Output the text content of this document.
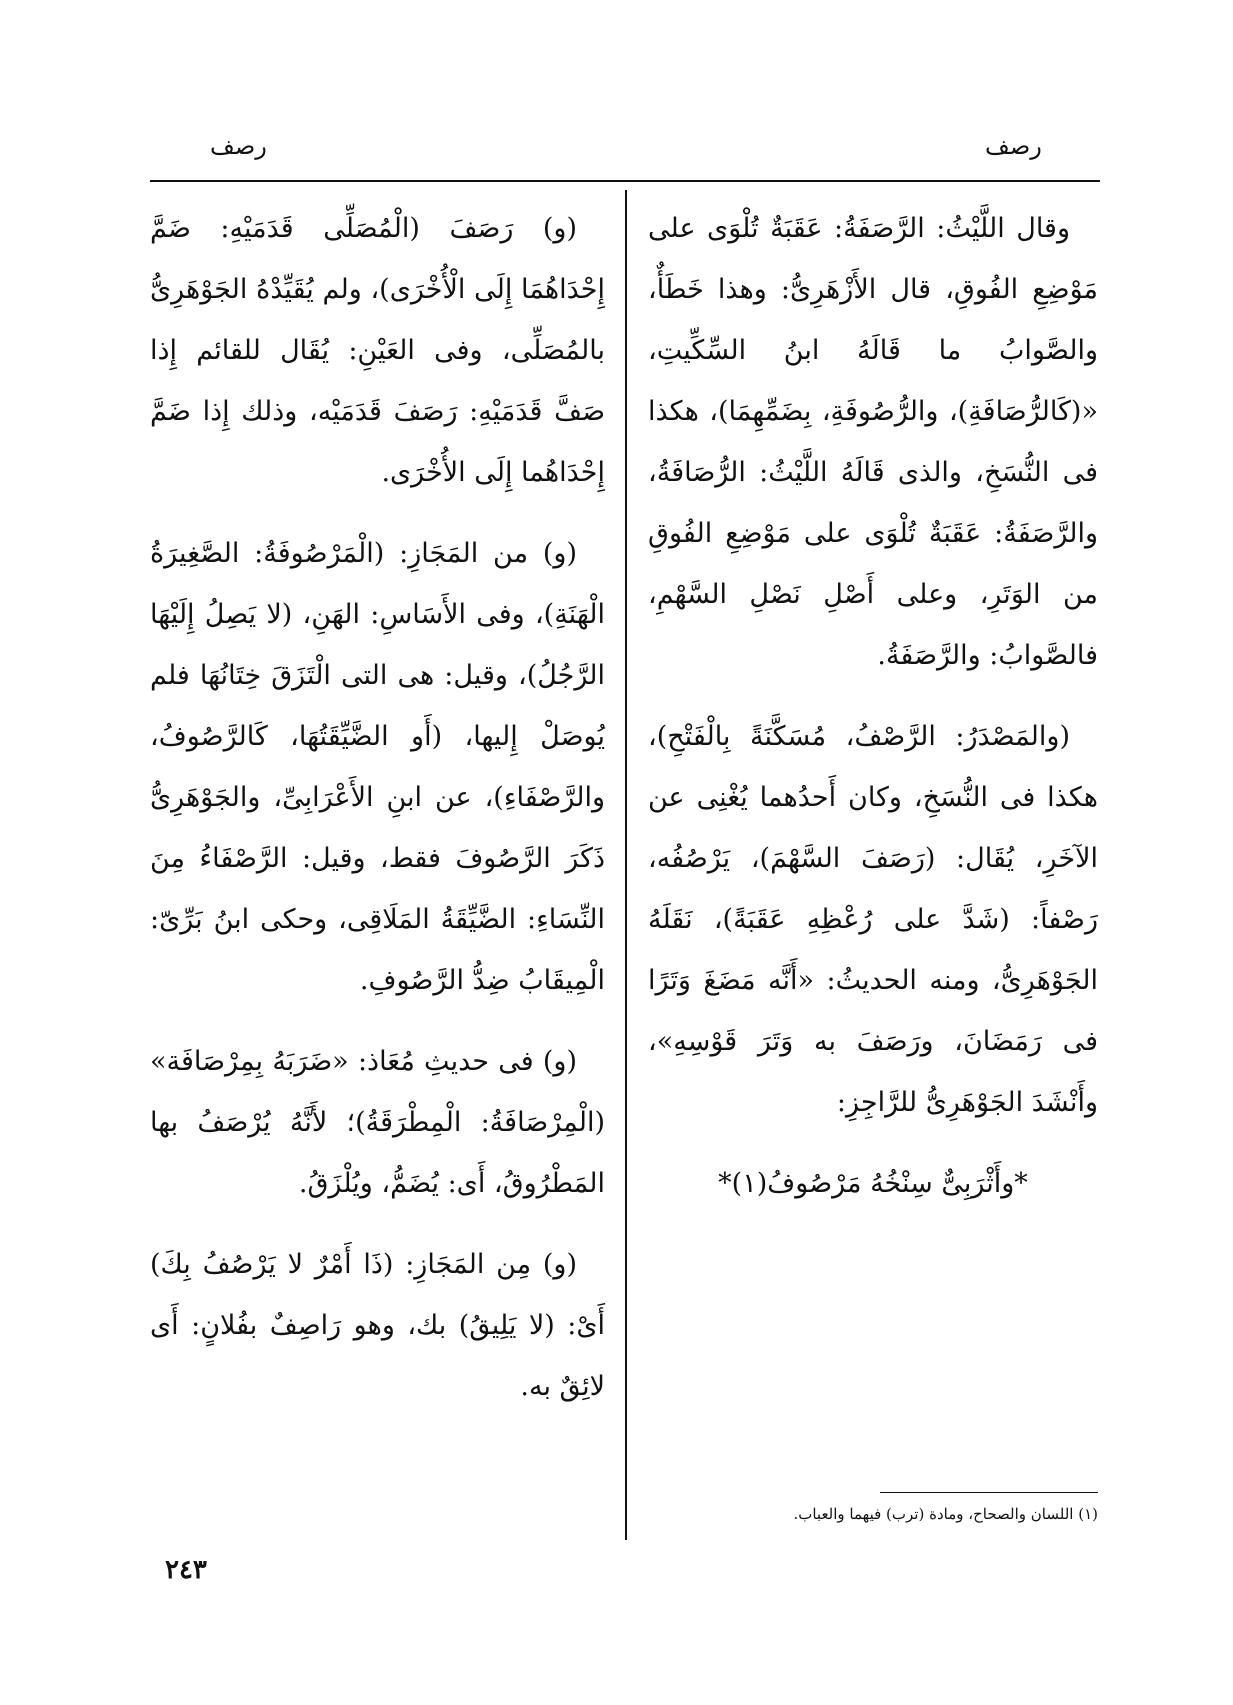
رصف	رصف

وقال اللَّيْثُ: الرَّصَفَةُ: عَقَبَةٌ تُلْوَى على مَوْضِعِ الفُوقِ، قال الأَزْهَرِىُّ: وهذا خَطَأٌ، والصَّوابُ ما قَالَهُ ابنُ السِّكِّيتِ، «(كَالرُّصَافَةِ)، والرُّصُوفَةِ، بِضَمِّهِمَا)، هكذا فى النُّسَخِ، والذى قَالَهُ اللَّيْثُ: الرُّصَافَةُ، والرَّصَفَةُ: عَقَبَةٌ تُلْوَى على مَوْضِعِ الفُوقِ من الوَتَرِ، وعلى أَصْلِ نَصْلِ السَّهْمِ، فالصَّوابُ: والرَّصَفَةُ.

(والمَصْدَرُ: الرَّصْفُ، مُسَكَّنَةً بِالْفَتْحِ)، هكذا فى النُّسَخِ، وكان أَحدُهما يُغْنِى عن الآخَرِ، يُقَال: (رَصَفَ السَّهْمَ)، يَرْصُفُه، رَصْفاً: (شَدَّ على رُعْظِهِ عَقَبَةً)، نَقَلَهُ الجَوْهَرِىُّ، ومنه الحديثُ: «أَنَّه مَضَغَ وَتَرًا فى رَمَضَانَ، ورَصَفَ به وَتَرَ قَوْسِهِ»، وأَنْشَدَ الجَوْهَرِىُّ للرَّاجِزِ:

*وأَثْرَبِىٌّ سِنْخُهُ مَرْصُوفُ(١)*

(و) رَصَفَ (الْمُصَلِّى قَدَمَيْهِ: ضَمَّ إِحْدَاهُمَا إِلَى الْأُخْرَى)، ولم يُقَيِّدْهُ الجَوْهَرِىُّ بالمُصَلِّى، وفى العَيْنِ: يُقَال للقائم إِذا صَفَّ قَدَمَيْهِ: رَصَفَ قَدَمَيْه، وذلك إِذا ضَمَّ إِحْدَاهُما إِلَى الأُخْرَى.

(و) من المَجَازِ: (الْمَرْصُوفَةُ: الصَّغِيرَةُ الْهَنَةِ)، وفى الأَسَاسِ: الهَنِ، (لا يَصِلُ إِلَيْهَا الرَّجُلُ)، وقيل: هى التى الْتَزَقَ خِتَانُهَا فلم يُوصَلْ إِليها، (أَو الضَّيِّقَتُهَا، كَالرَّصُوفُ، والرَّصْفَاءِ)، عن ابنِ الأَعْرَابِىِّ، والجَوْهَرِىُّ ذَكَرَ الرَّصُوفَ فقط، وقيل: الرَّصْفَاءُ مِنَ النِّسَاءِ: الضَّيِّقَةُ المَلَاقِى، وحكى ابنُ بَرِّىّ: الْمِيقَابُ ضِدُّ الرَّصُوفِ.

(و) فى حديثِ مُعَاذ: «ضَرَبَهُ بِمِرْصَافَة» (الْمِرْصَافَةُ: الْمِطْرَقَةُ)؛ لأَنَّهُ يُرْصَفُ بها المَطْرُوقُ، أَى: يُضَمُّ، ويُلْزَقُ.

(و) مِن المَجَازِ: (ذَا أَمْرٌ لا يَرْصُفُ بِكَ) أَىْ: (لا يَلِيقُ) بك، وهو رَاصِفٌ بفُلانٍ: أَى لائِقٌ به.

(١) اللسان والصحاح، ومادة (ترب) فيهما والعباب.
٢٤٣
